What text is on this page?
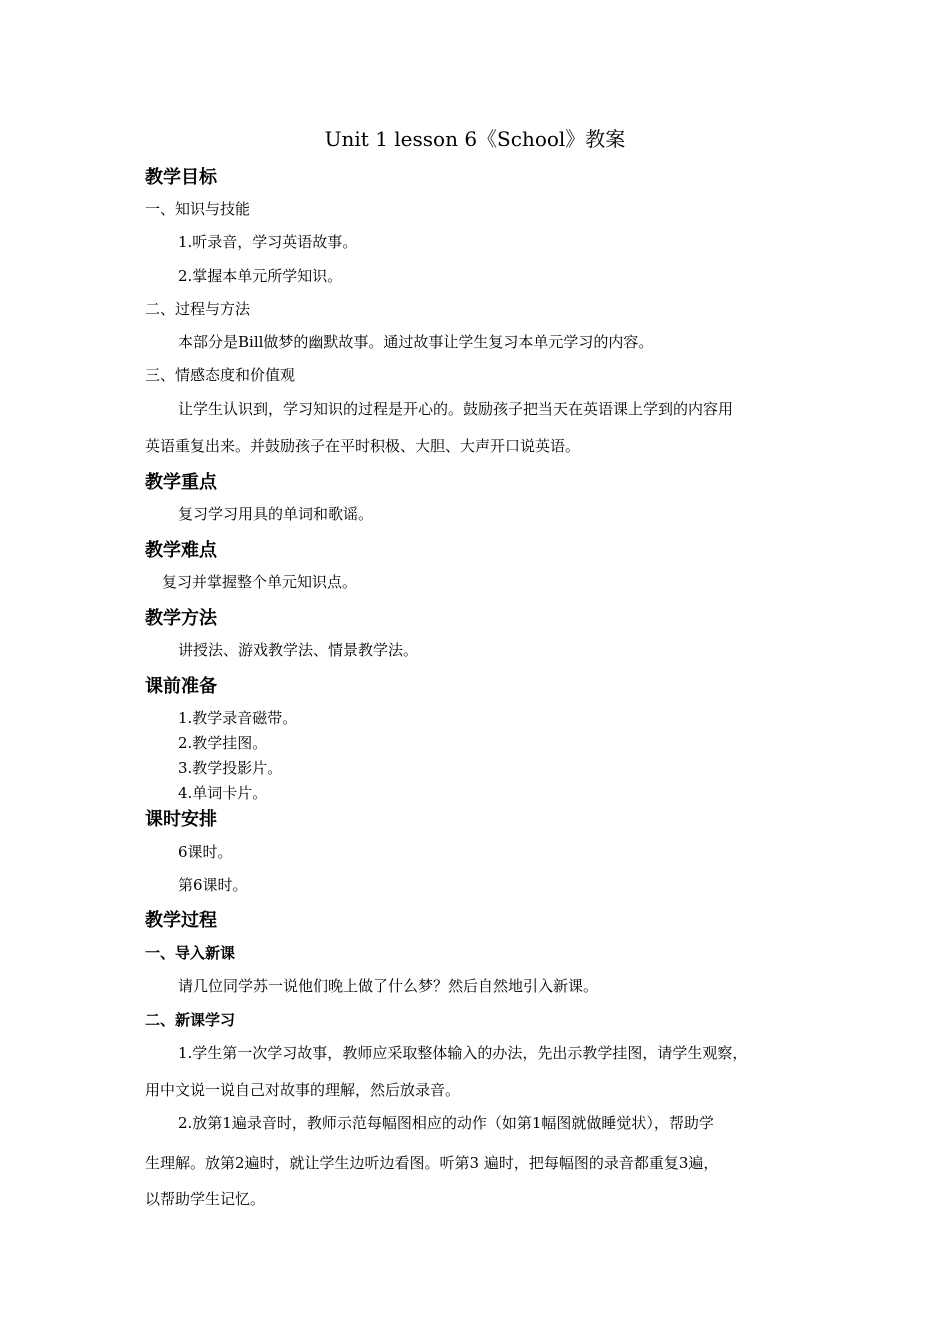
Unit 1 lesson 6《School》教案
教学目标
一、知识与技能
1.听录音，学习英语故事。
2.掌握本单元所学知识。
二、过程与方法
本部分是Bill做梦的幽默故事。通过故事让学生复习本单元学习的内容。
三、情感态度和价值观
让学生认识到，学习知识的过程是开心的。鼓励孩子把当天在英语课上学到的内容用
英语重复出来。并鼓励孩子在平时积极、大胆、大声开口说英语。
教学重点
复习学习用具的单词和歌谣。
教学难点
复习并掌握整个单元知识点。
教学方法
讲授法、游戏教学法、情景教学法。
课前准备
1.教学录音磁带。
2.教学挂图。
3.教学投影片。
4.单词卡片。
课时安排
6课时。
第6课时。
教学过程
一、导入新课
请几位同学苏一说他们晚上做了什么梦？然后自然地引入新课。
二、新课学习
1.学生第一次学习故事，教师应采取整体输入的办法，先出示教学挂图，请学生观察，
用中文说一说自己对故事的理解，然后放录音。
2.放第1遍录音时，教师示范每幅图相应的动作（如第1幅图就做睡觉状），帮助学
生理解。放第2遍时，就让学生边听边看图。听第3 遍时，把每幅图的录音都重复3遍，
以帮助学生记忆。
